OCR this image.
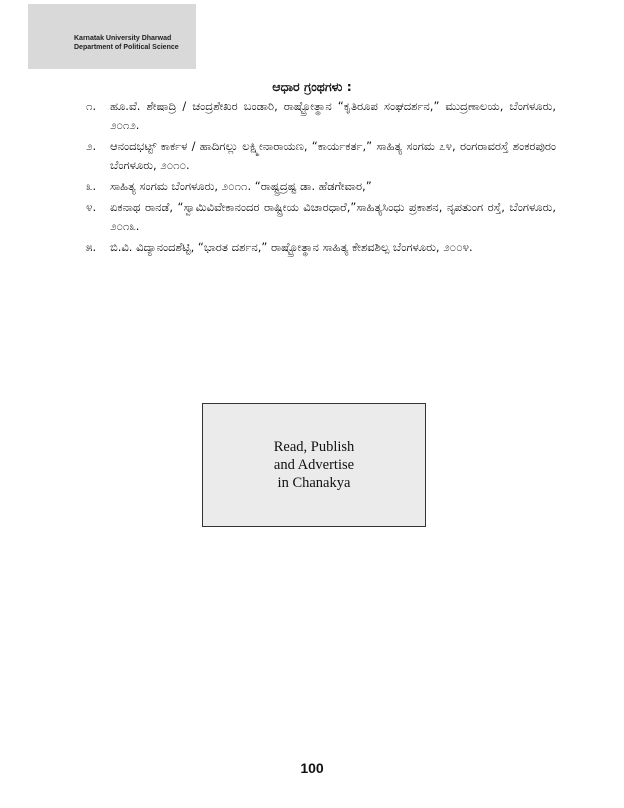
Karnatak University Dharwad
Department of Political Science
ಆಧಾರ ಗ್ರಂಥಗಳು :
೧.	ಹೂ.ವೆ. ಶೇಷಾದ್ರಿ / ಚಂದ್ರಶೇಖರ ಬಂಡಾರಿ, ರಾಷ್ಟ್ರೋತ್ಥಾನ “ಕೃತಿರೂಪ ಸಂಘದರ್ಶನ,” ಮುದ್ರಣಾಲಯ, ಬೆಂಗಳೂರು, ೨೦೧೨.
೨.	ಆನಂದಭಟ್ಟ್ ಕಾರ್ಕಳ / ಹಾದಿಗಲ್ಲು ಲಕ್ಷ್ಮೀನಾರಾಯಣ, “ಕಾರ್ಯಕರ್ತ,” ಸಾಹಿತ್ಯ ಸಂಗಮ ೭೪, ರಂಗರಾವರಸ್ತೆ ಶಂಕರಪುರಂ ಬೆಂಗಳೂರು, ೨೦೧೦.
೩.	ಸಾಹಿತ್ಯ ಸಂಗಮ ಬೆಂಗಳೂರು, ೨೦೧೧. “ರಾಷ್ಟ್ರದ್ರಷ್ಟ ಡಾ. ಹೆಡಗೇವಾರ,”
೪.	ಏಕನಾಥ ರಾನಡೆ, “ಸ್ವಾಮಿವಿವೇಕಾನಂದರ ರಾಷ್ಟ್ರೀಯ ವಿಚಾರಧಾರೆ,”ಸಾಹಿತ್ಯಸಿಂಧು ಪ್ರಕಾಶನ, ನೃಪತುಂಗ ರಸ್ತೆ, ಬೆಂಗಳೂರು, ೨೦೧೩.
೫.	ಬಿ.ವಿ. ವಿದ್ಯಾನಂದಶೆಟ್ಟಿ, “ಭಾರತ ದರ್ಶನ,” ರಾಷ್ಟ್ರೋತ್ಥಾನ ಸಾಹಿತ್ಯ ಕೇಶವಶಿಲ್ಪ ಬೆಂಗಳೂರು, ೨೦೦೪.
Read, Publish
and Advertise
in Chanakya
100
